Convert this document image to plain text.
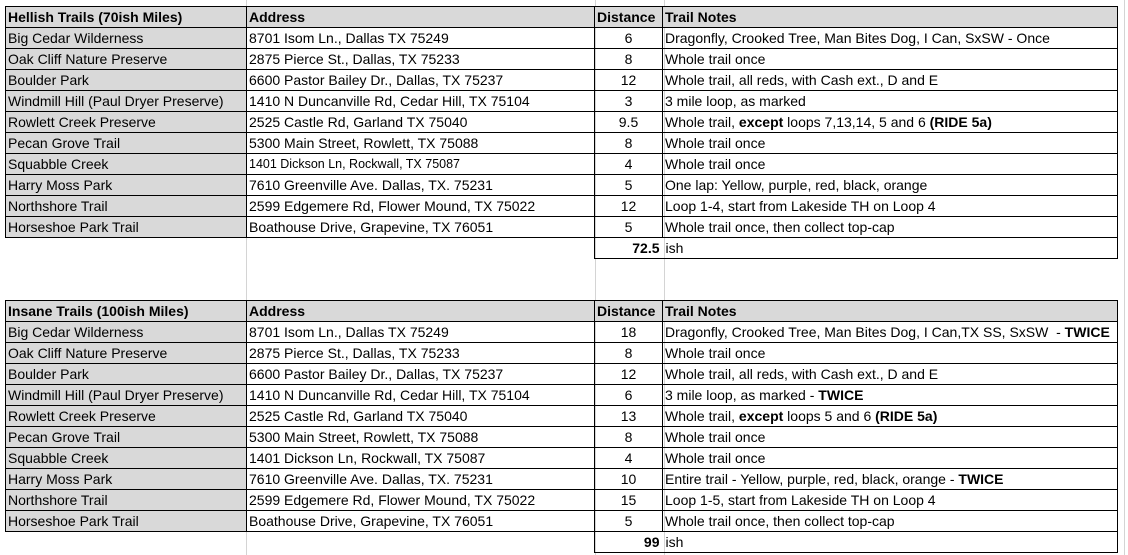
Hellish Trails (70ish Miles)	Address	Distance	Trail Notes
Big Cedar Wilderness	8701 Isom Ln., Dallas TX 75249	6	Dragonfly, Crooked Tree, Man Bites Dog, I Can, SxSW - Once
Oak Cliff Nature Preserve	2875 Pierce St., Dallas, TX 75233	8	Whole trail once
Boulder Park	6600 Pastor Bailey Dr., Dallas, TX 75237	12	Whole trail, all reds, with Cash ext., D and E
Windmill Hill (Paul Dryer Preserve)	1410 N Duncanville Rd, Cedar Hill, TX 75104	3	3 mile loop, as marked
Rowlett Creek Preserve	2525 Castle Rd, Garland TX 75040	9.5	Whole trail, except loops 7,13,14, 5 and 6 (RIDE 5a)
Pecan Grove Trail	5300 Main Street, Rowlett, TX 75088	8	Whole trail once
Squabble Creek	1401 Dickson Ln, Rockwall, TX 75087	4	Whole trail once
Harry Moss Park	7610 Greenville Ave. Dallas, TX. 75231	5	One lap: Yellow, purple, red, black, orange
Northshore Trail	2599 Edgemere Rd, Flower Mound, TX 75022	12	Loop 1-4, start from Lakeside TH on Loop 4
Horseshoe Park Trail	Boathouse Drive, Grapevine, TX 76051	5	Whole trail once, then collect top-cap
		72.5	ish
Insane Trails (100ish Miles)	Address	Distance	Trail Notes
Big Cedar Wilderness	8701 Isom Ln., Dallas TX 75249	18	Dragonfly, Crooked Tree, Man Bites Dog, I Can,TX SS, SxSW  - TWICE
Oak Cliff Nature Preserve	2875 Pierce St., Dallas, TX 75233	8	Whole trail once
Boulder Park	6600 Pastor Bailey Dr., Dallas, TX 75237	12	Whole trail, all reds, with Cash ext., D and E
Windmill Hill (Paul Dryer Preserve)	1410 N Duncanville Rd, Cedar Hill, TX 75104	6	3 mile loop, as marked - TWICE
Rowlett Creek Preserve	2525 Castle Rd, Garland TX 75040	13	Whole trail, except loops 5 and 6 (RIDE 5a)
Pecan Grove Trail	5300 Main Street, Rowlett, TX 75088	8	Whole trail once
Squabble Creek	1401 Dickson Ln, Rockwall, TX 75087	4	Whole trail once
Harry Moss Park	7610 Greenville Ave. Dallas, TX. 75231	10	Entire trail - Yellow, purple, red, black, orange - TWICE
Northshore Trail	2599 Edgemere Rd, Flower Mound, TX 75022	15	Loop 1-5, start from Lakeside TH on Loop 4
Horseshoe Park Trail	Boathouse Drive, Grapevine, TX 76051	5	Whole trail once, then collect top-cap
		99	ish
